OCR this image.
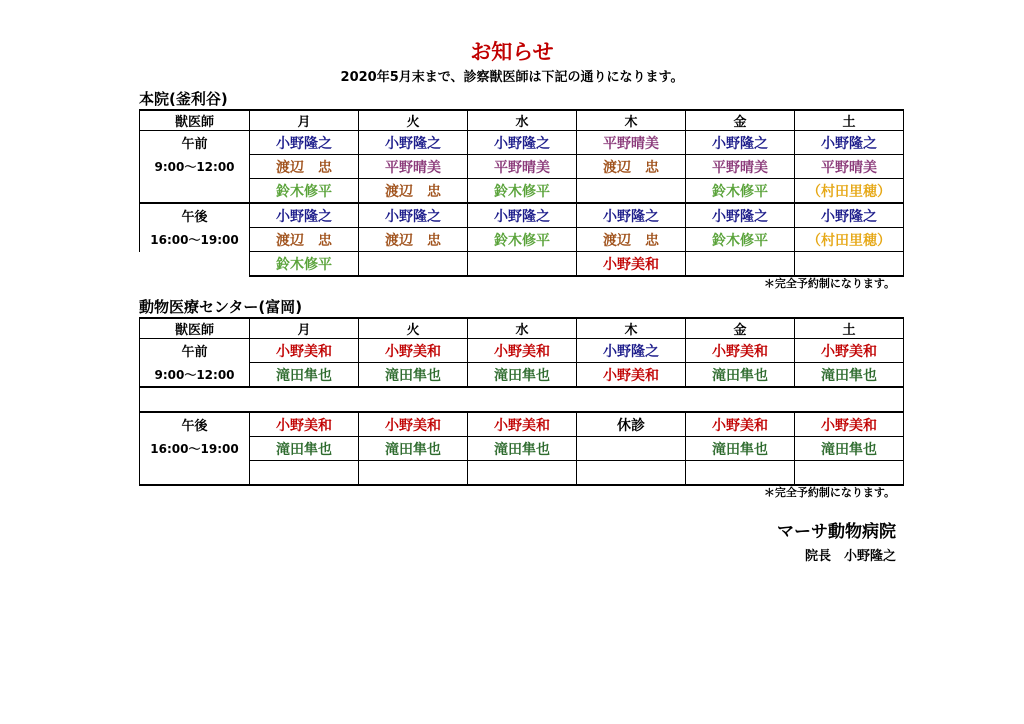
お知らせ
2020年5月末まで、診察獣医師は下記の通りになります。
本院(釜利谷)
獣医師	月	火	水	木	金	土
午前	小野隆之	小野隆之	小野隆之	平野晴美	小野隆之	小野隆之
9:00～12:00	渡辺　忠	平野晴美	平野晴美	渡辺　忠	平野晴美	平野晴美
	鈴木修平	渡辺　忠	鈴木修平		鈴木修平	（村田里穂）
午後	小野隆之	小野隆之	小野隆之	小野隆之	小野隆之	小野隆之
16:00～19:00	渡辺　忠	渡辺　忠	鈴木修平	渡辺　忠	鈴木修平	（村田里穂）
	鈴木修平			小野美和		
＊完全予約制になります。
動物医療センター(富岡)
獣医師	月	火	水	木	金	土
午前	小野美和	小野美和	小野美和	小野隆之	小野美和	小野美和
9:00～12:00	滝田隼也	滝田隼也	滝田隼也	小野美和	滝田隼也	滝田隼也

午後	小野美和	小野美和	小野美和	休診	小野美和	小野美和
16:00～19:00	滝田隼也	滝田隼也	滝田隼也		滝田隼也	滝田隼也

＊完全予約制になります。
マーサ動物病院
院長　小野隆之
